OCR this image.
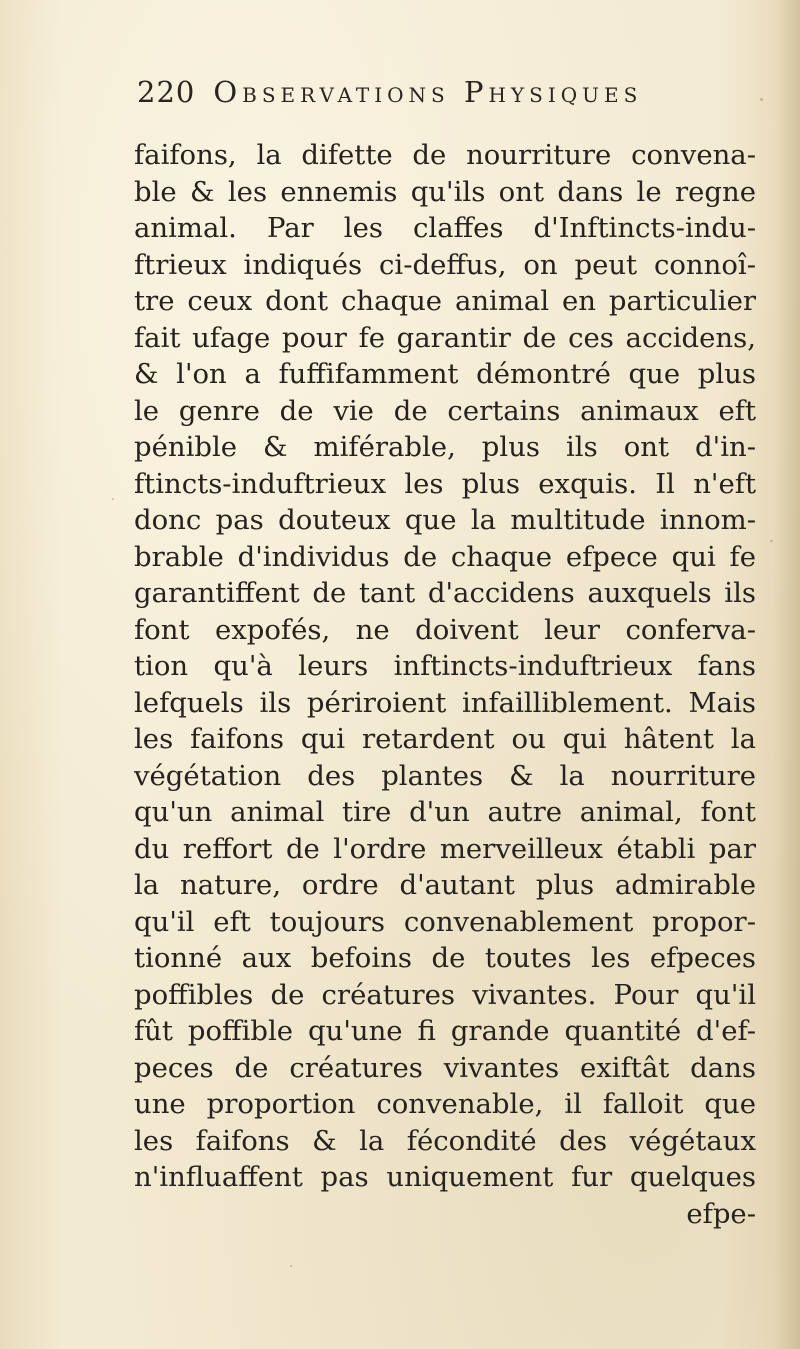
220 Observations Physiques
faifons, la difette de nourriture convena-
ble & les ennemis qu'ils ont dans le regne
animal. Par les claffes d'Inftincts-indu-
ftrieux indiqués ci-deffus, on peut connoî-
tre ceux dont chaque animal en particulier
fait ufage pour fe garantir de ces accidens,
& l'on a fuffifamment démontré que plus
le genre de vie de certains animaux eft
pénible & miférable, plus ils ont d'in-
ftincts-induftrieux les plus exquis. Il n'eft
donc pas douteux que la multitude innom-
brable d'individus de chaque efpece qui fe
garantiffent de tant d'accidens auxquels ils
font expofés, ne doivent leur conferva-
tion qu'à leurs inftincts-induftrieux fans
lefquels ils périroient infailliblement. Mais
les faifons qui retardent ou qui hâtent la
végétation des plantes & la nourriture
qu'un animal tire d'un autre animal, font
du reffort de l'ordre merveilleux établi par
la nature, ordre d'autant plus admirable
qu'il eft toujours convenablement propor-
tionné aux befoins de toutes les efpeces
poffibles de créatures vivantes. Pour qu'il
fût poffible qu'une fi grande quantité d'ef-
peces de créatures vivantes exiftât dans
une proportion convenable, il falloit que
les faifons & la fécondité des végétaux
n'influaffent pas uniquement fur quelques
efpe-
